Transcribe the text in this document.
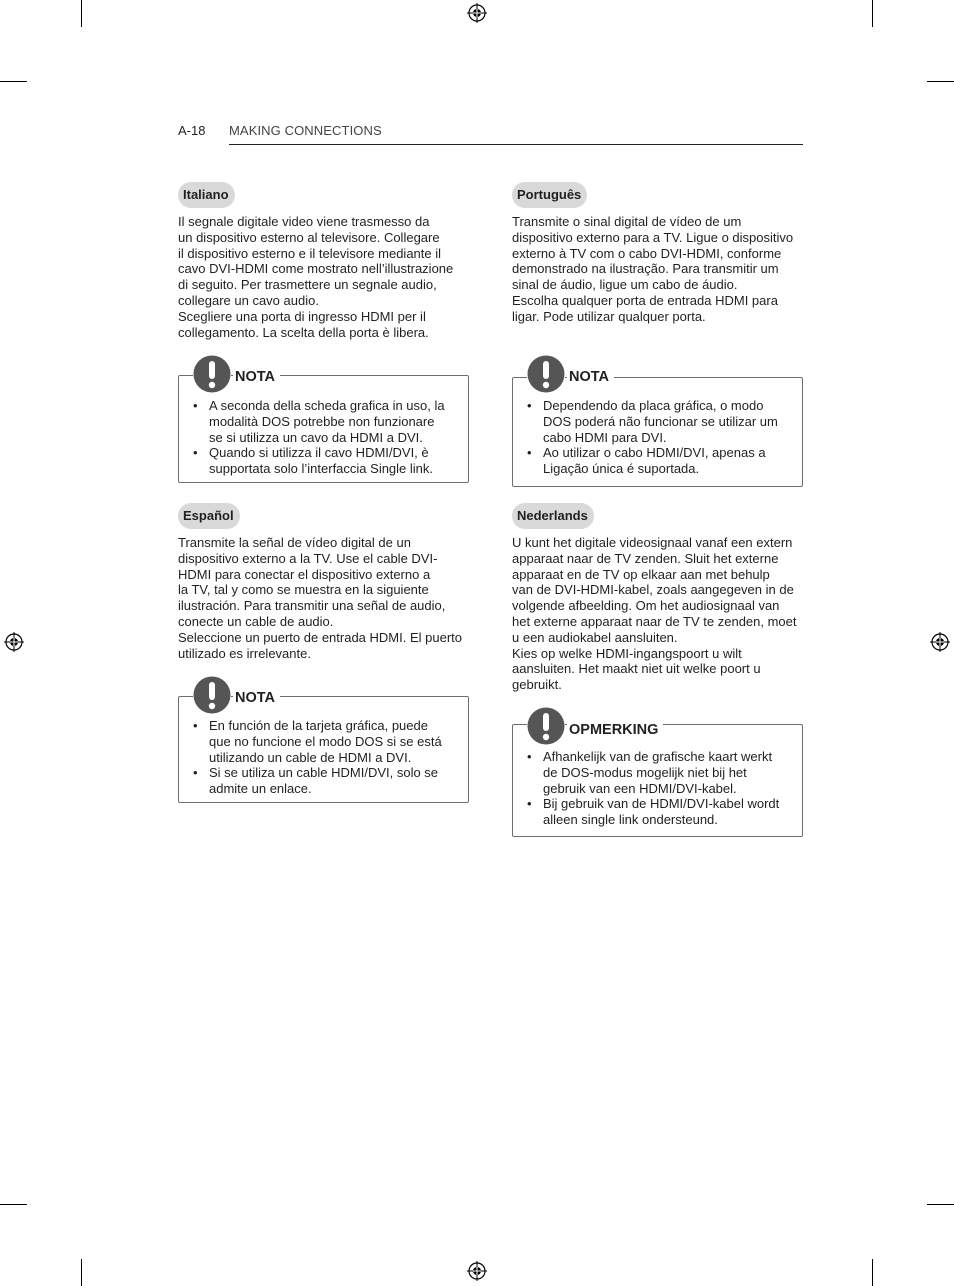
A-18 MAKING CONNECTIONS
Italiano

Il segnale digitale video viene trasmesso da

un dispositivo esterno al televisore. Collegare

il dispositivo esterno e il televisore mediante il

cavo DVI-HDMI come mostrato nell’illustrazione

di seguito. Per trasmettere un segnale audio,

collegare un cavo audio.

Scegliere una porta di ingresso HDMI per il

collegamento. La scelta della porta è libera.

NOTA
• A seconda della scheda grafica in uso, la
modalità DOS potrebbe non funzionare
se si utilizza un cavo da HDMI a DVI.
• Quando si utilizza il cavo HDMI/DVI, è
supportata solo l’interfaccia Single link.
Português

Transmite o sinal digital de vídeo de um

dispositivo externo para a TV. Ligue o dispositivo

externo à TV com o cabo DVI-HDMI, conforme

demonstrado na ilustração. Para transmitir um

sinal de áudio, ligue um cabo de áudio.

Escolha qualquer porta de entrada HDMI para

ligar. Pode utilizar qualquer porta.

NOTA
• Dependendo da placa gráfica, o modo
DOS poderá não funcionar se utilizar um
cabo HDMI para DVI.
• Ao utilizar o cabo HDMI/DVI, apenas a
Ligação única é suportada.
Español

Transmite la señal de vídeo digital de un

dispositivo externo a la TV. Use el cable DVI-

HDMI para conectar el dispositivo externo a

la TV, tal y como se muestra en la siguiente

ilustración. Para transmitir una señal de audio,

conecte un cable de audio.

Seleccione un puerto de entrada HDMI. El puerto

utilizado es irrelevante.

NOTA
• En función de la tarjeta gráfica, puede
que no funcione el modo DOS si se está
utilizando un cable de HDMI a DVI.
• Si se utiliza un cable HDMI/DVI, solo se
admite un enlace.
Nederlands

U kunt het digitale videosignaal vanaf een extern

apparaat naar de TV zenden. Sluit het externe

apparaat en de TV op elkaar aan met behulp

van de DVI-HDMI-kabel, zoals aangegeven in de

volgende afbeelding. Om het audiosignaal van

het externe apparaat naar de TV te zenden, moet

u een audiokabel aansluiten.

Kies op welke HDMI-ingangspoort u wilt

aansluiten. Het maakt niet uit welke poort u

gebruikt.

OPMERKING
• Afhankelijk van de grafische kaart werkt
de DOS-modus mogelijk niet bij het
gebruik van een HDMI/DVI-kabel.
• Bij gebruik van de HDMI/DVI-kabel wordt
alleen single link ondersteund.
